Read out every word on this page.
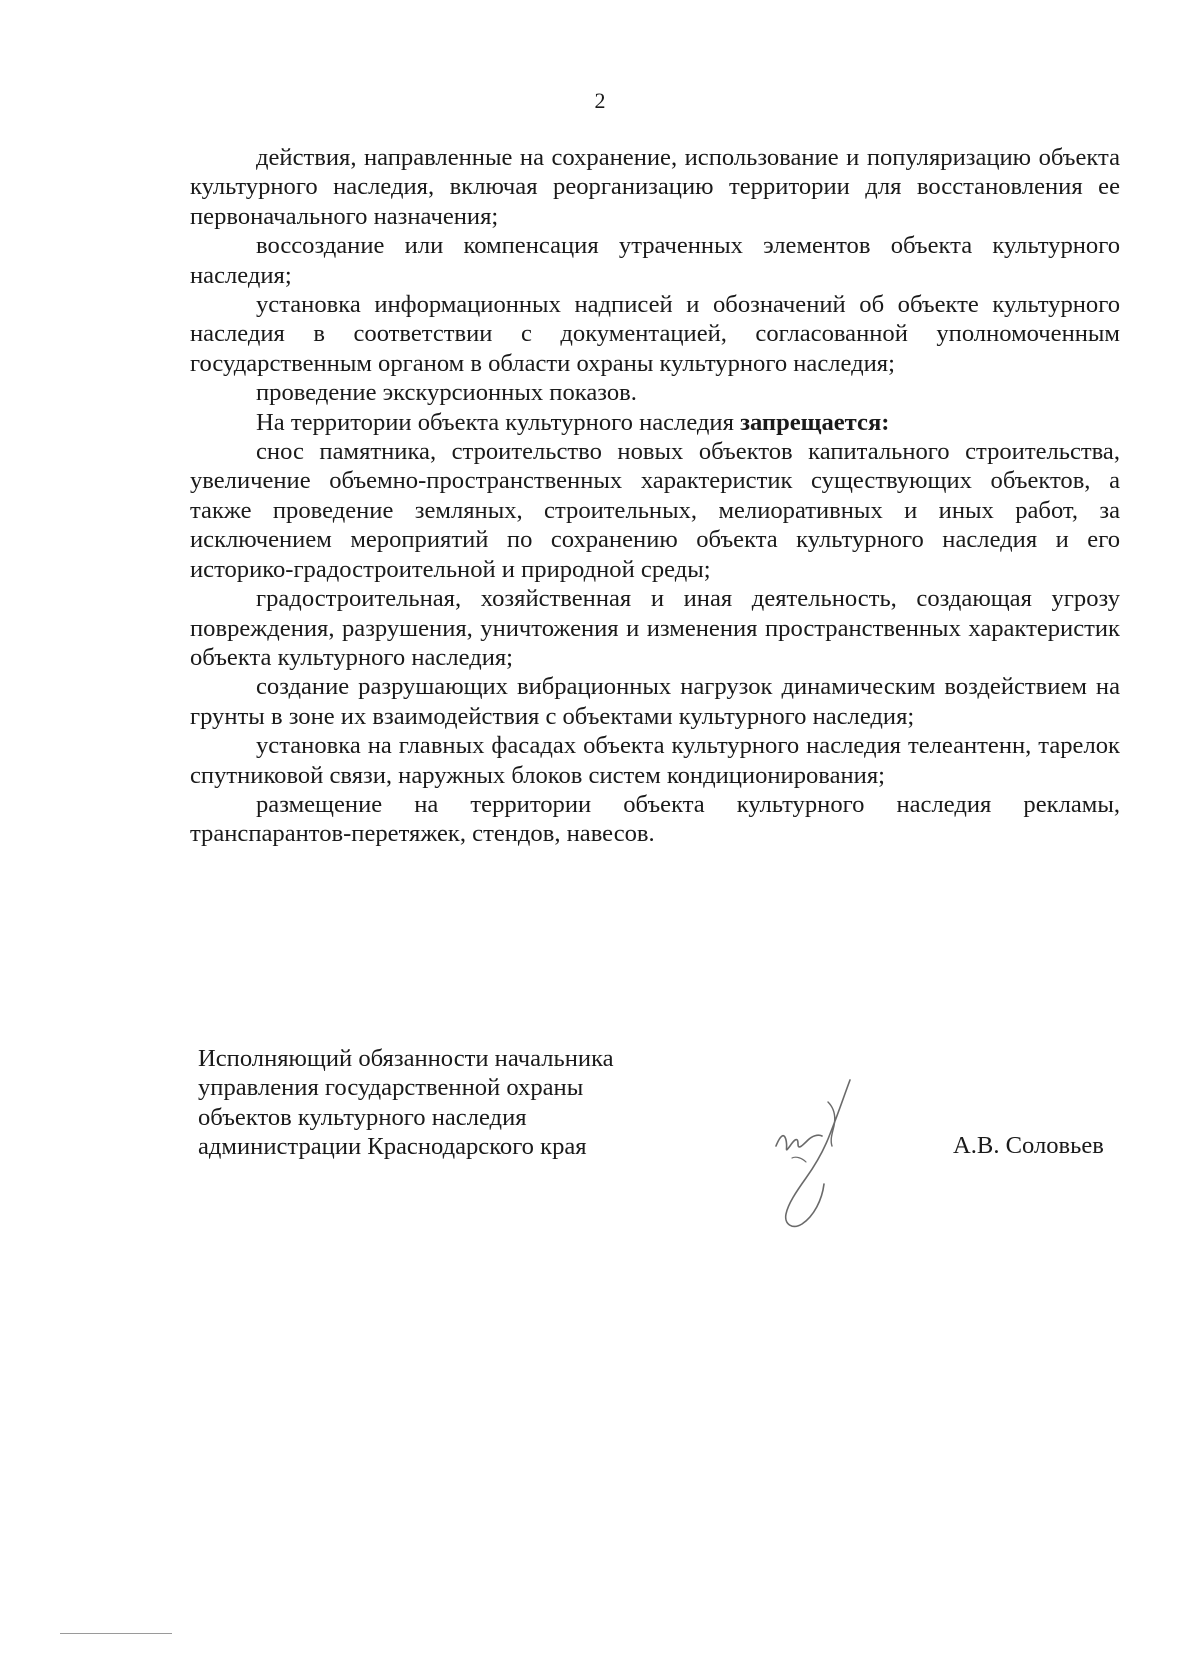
2

действия, направленные на сохранение, использование и популяризацию объекта культурного наследия, включая реорганизацию территории для восстановления ее первоначального назначения;

воссоздание или компенсация утраченных элементов объекта культурного наследия;

установка информационных надписей и обозначений об объекте культурного наследия в соответствии с документацией, согласованной уполномоченным государственным органом в области охраны культурного наследия;

проведение экскурсионных показов.

На территории объекта культурного наследия запрещается:

снос памятника, строительство новых объектов капитального строительства, увеличение объемно-пространственных характеристик существующих объектов, а также проведение земляных, строительных, мелиоративных и иных работ, за исключением мероприятий по сохранению объекта культурного наследия и его историко-градостроительной и природной среды;

градостроительная, хозяйственная и иная деятельность, создающая угрозу повреждения, разрушения, уничтожения и изменения пространственных характеристик объекта культурного наследия;

создание разрушающих вибрационных нагрузок динамическим воздействием на грунты в зоне их взаимодействия с объектами культурного наследия;

установка на главных фасадах объекта культурного наследия телеантенн, тарелок спутниковой связи, наружных блоков систем кондиционирования;

размещение на территории объекта культурного наследия рекламы, транспарантов-перетяжек, стендов, навесов.

Исполняющий обязанности начальника
управления государственной охраны
объектов культурного наследия
администрации Краснодарского края	А.В. Соловьев
